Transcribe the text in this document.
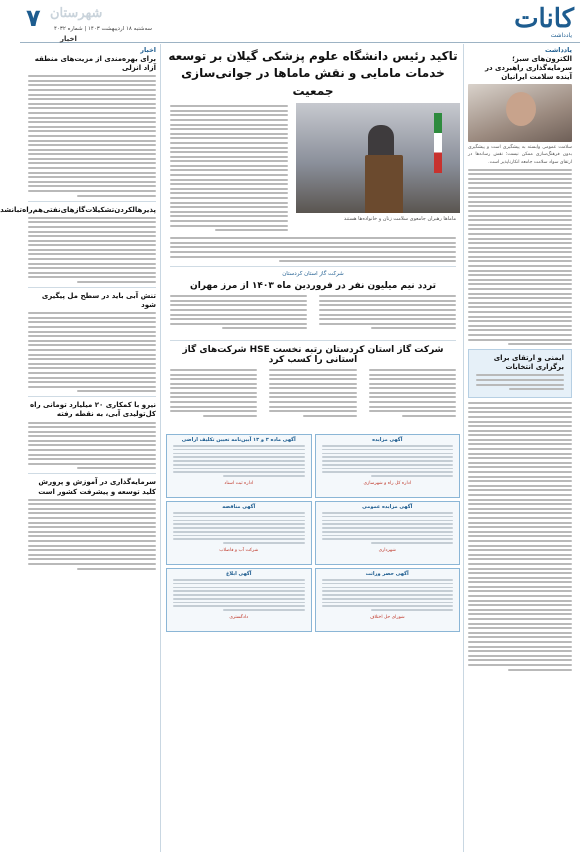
کانات
یادداشت
شهرستان
۷ سه‌شنبه ۱۸ اردیبهشت ۱۴۰۳ | شماره ۴۰۳۲
اخبار
یادداشت
الکترون‌های سبز؛ سرمایه‌گذاری راهبردی در آینده سلامت ایرانیان
سلامت عمومی وابسته به پیشگیری است و پیشگیری بدون فرهنگ‌سازی ممکن نیست؛ نقش رسانه‌ها در ارتقای سواد سلامت جامعه انکارناپذیر است.
ایمنی و ارتقای برای برگزاری انتخابات
تاکید رئیس دانشگاه علوم پزشکی گیلان بر توسعه خدمات مامایی و نقش ماماها در جوانی‌سازی جمعیت
ماماها رهبران جامعوی سلامت زنان و خانواده‌ها هستند
شرکت گاز استان کردستان
تردد نیم میلیون نفر در فروردین ماه ۱۴۰۳ از مرز مهران
شرکت گاز استان کردستان رتبه نخست HSE شرکت‌های گاز استانی را کسب کرد
آگهی مزایده
اداره کل راه و شهرسازی
آگهی ماده ۳ و ۱۳ آیین‌نامه تعیین تکلیف اراضی
اداره ثبت اسناد
آگهی مزایده عمومی
شهرداری
آگهی مناقصه
شرکت آب و فاضلاب
آگهی حصر وراثت
شورای حل اختلاف
آگهی ابلاغ
دادگستری
اخبار
برای بهره‌مندی از مزیت‌های منطقه آزاد انزلی
پذیرهالکردن‌تشکیلات‌گازهای‌نفتی‌هم‌راه‌تبانشد
تنش آبی باید در سطح مل پیگیری شود
نیرو با کمکاری ۲۰ میلیارد تومانی راه کل‌تولیدی آبی، به نقطه رفته
سرمایه‌گذاری در آموزش و پرورش کلید توسعه و پیشرفت کشور است
